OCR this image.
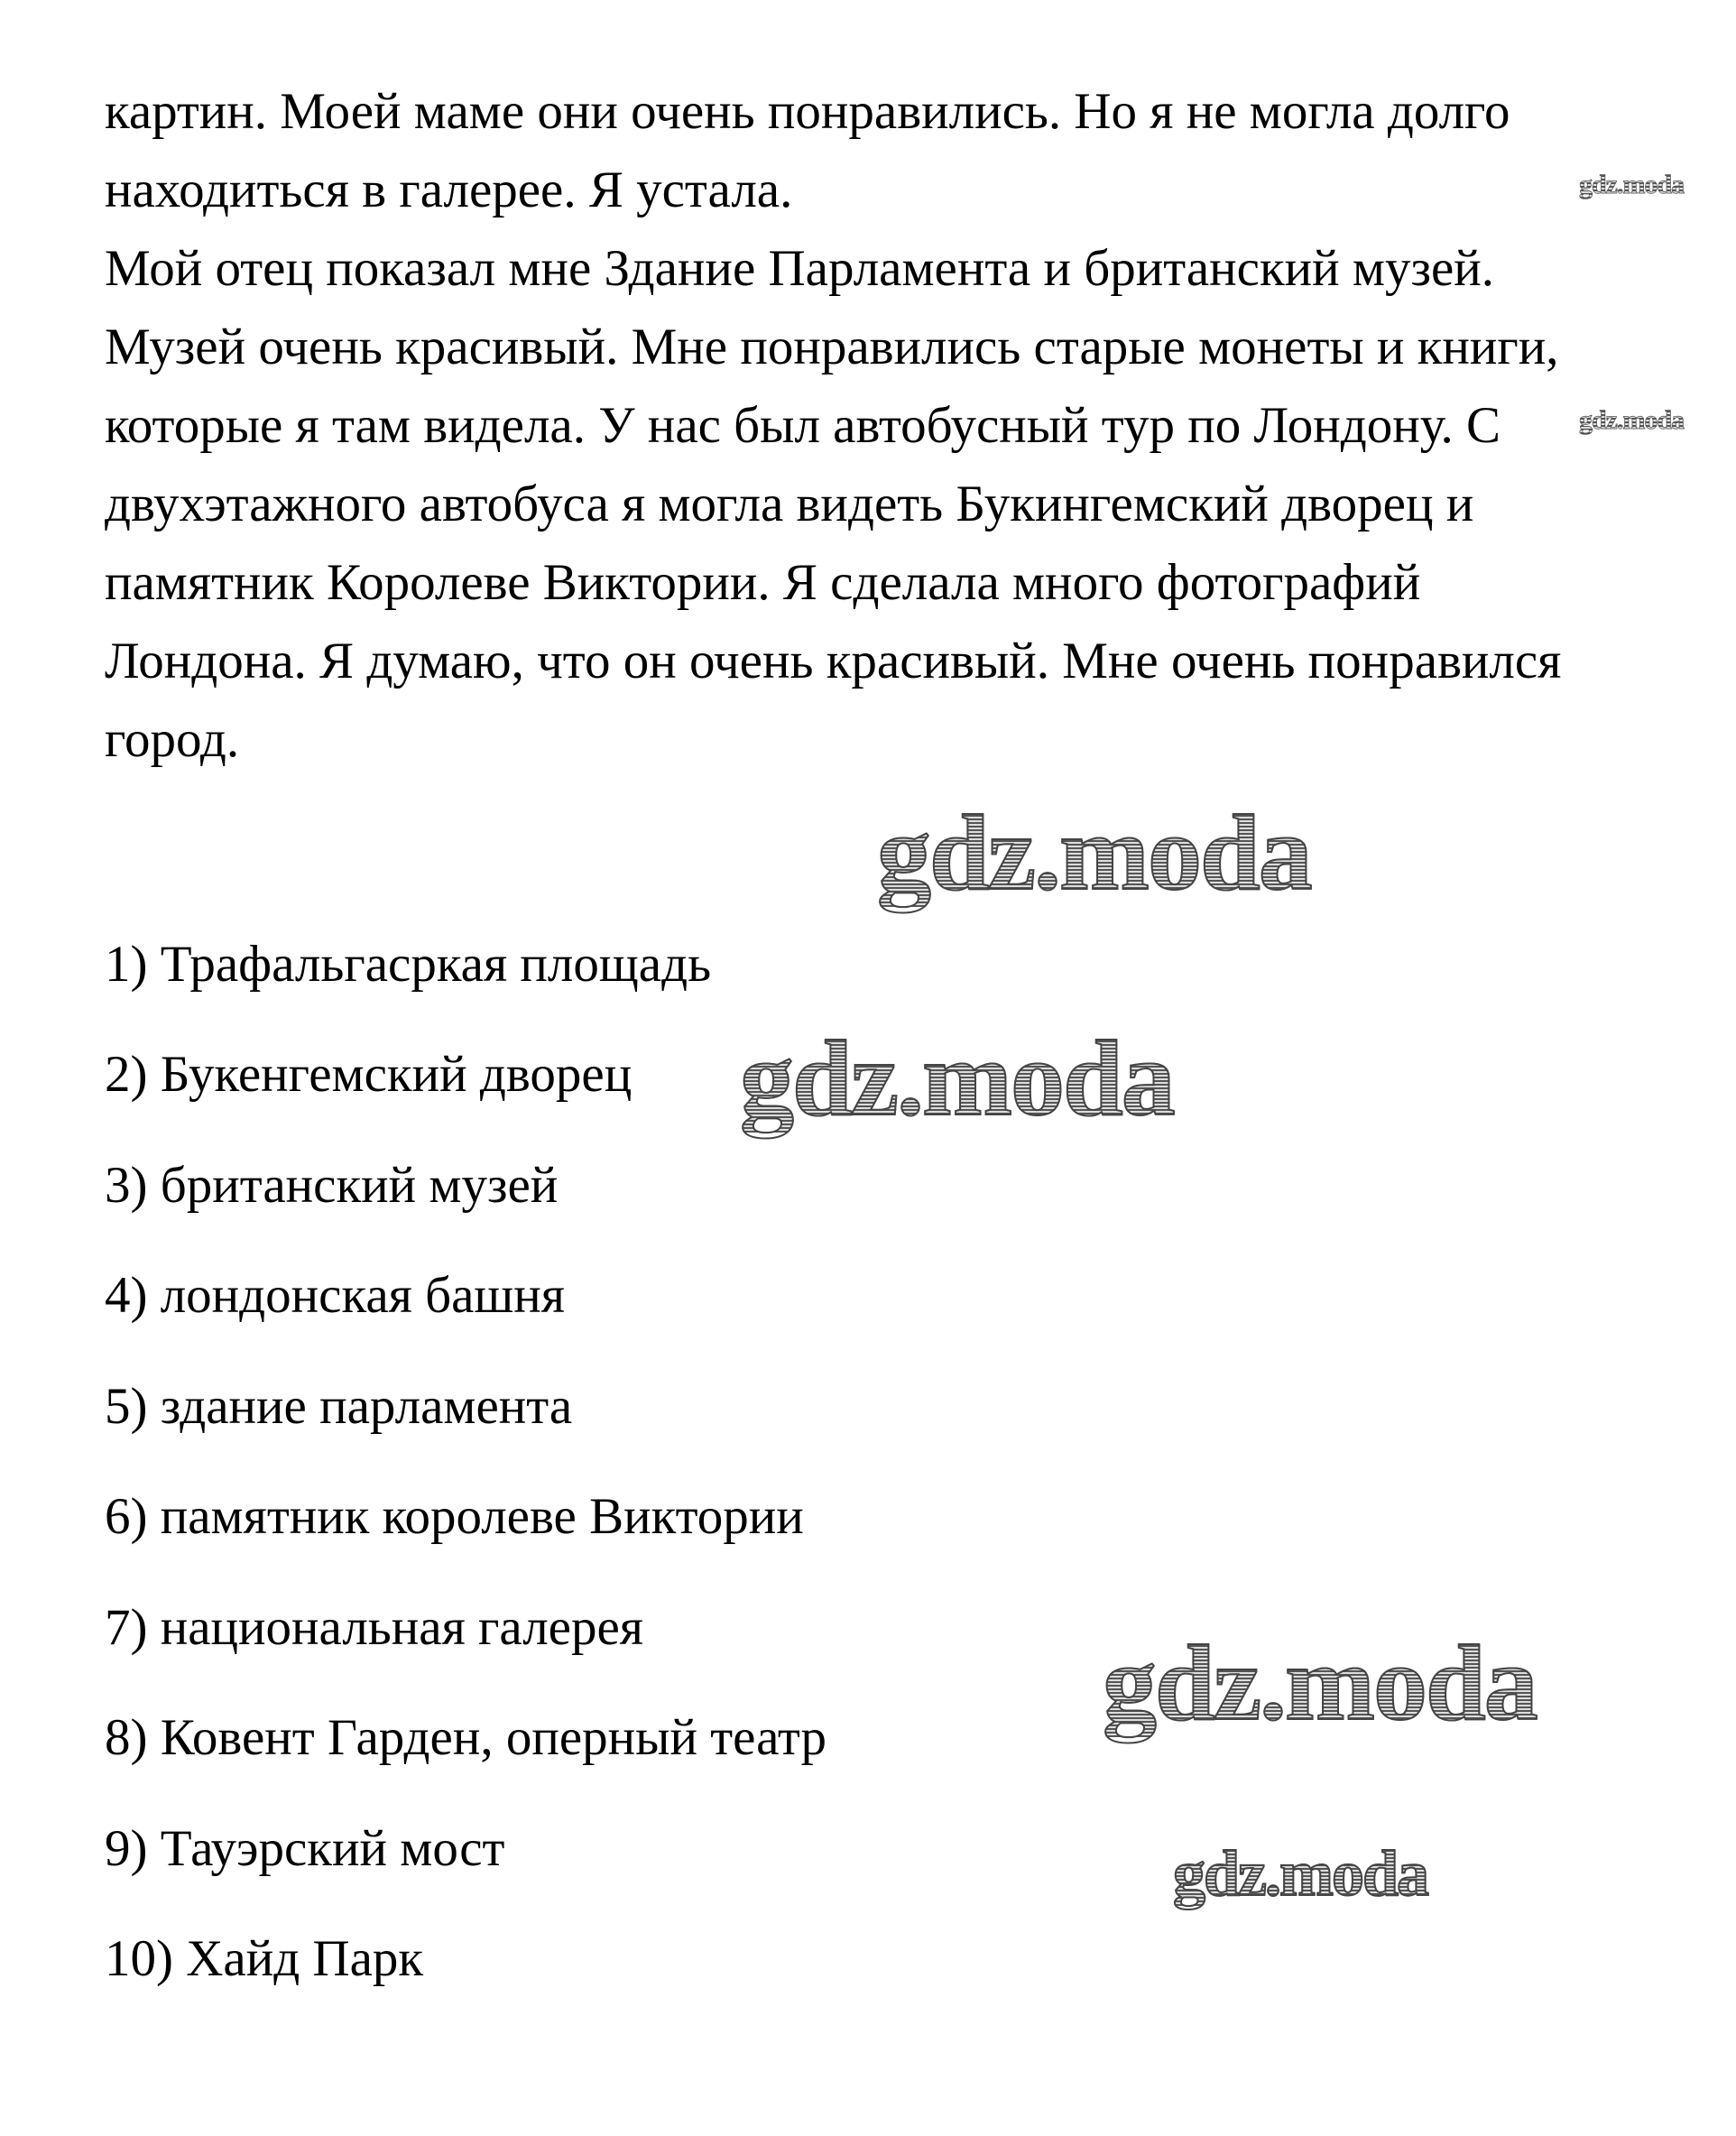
картин. Моей маме они очень понравились. Но я не могла долго
находиться в галерее. Я устала.
Мой отец показал мне Здание Парламента и британский музей.
Музей очень красивый. Мне понравились старые монеты и книги,
которые я там видела. У нас был автобусный тур по Лондону. С
двухэтажного автобуса я могла видеть Букингемский дворец и
памятник Королеве Виктории. Я сделала много фотографий
Лондона. Я думаю, что он очень красивый. Мне очень понравился
город.
1) Трафальгасркая площадь
2) Букенгемский дворец
3) британский музей
4) лондонская башня
5) здание парламента
6) памятник королеве Виктории
7) национальная галерея
8) Ковент Гарден, оперный театр
9) Тауэрский мост
10) Хайд Парк
gdz.moda
gdz.moda
gdz.moda
gdz.moda
gdz.moda
gdz.moda
